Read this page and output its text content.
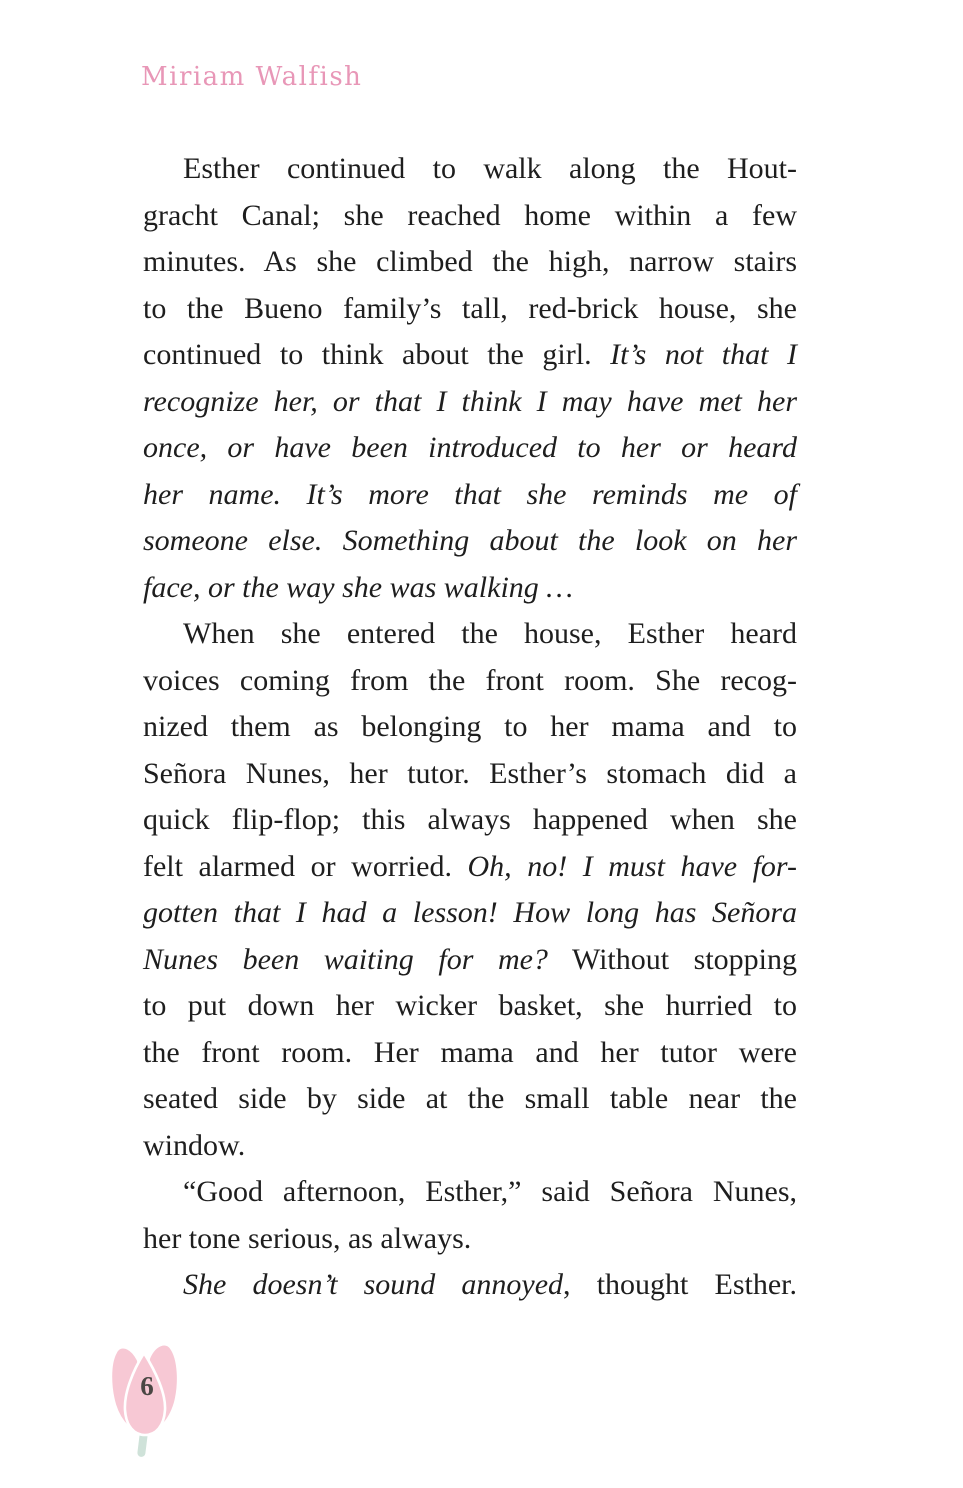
Miriam Walfish
Esther continued to walk along the Hout-
gracht Canal; she reached home within a few
minutes. As she climbed the high, narrow stairs
to the Bueno family’s tall, red-brick house, she
continued to think about the girl. It’s not that I
recognize her, or that I think I may have met her
once, or have been introduced to her or heard
her name. It’s more that she reminds me of
someone else. Something about the look on her
face, or the way she was walking …
When she entered the house, Esther heard
voices coming from the front room. She recog-
nized them as belonging to her mama and to
Señora Nunes, her tutor. Esther’s stomach did a
quick flip-flop; this always happened when she
felt alarmed or worried. Oh, no! I must have for-
gotten that I had a lesson! How long has Señora
Nunes been waiting for me? Without stopping
to put down her wicker basket, she hurried to
the front room. Her mama and her tutor were
seated side by side at the small table near the
window.
“Good afternoon, Esther,” said Señora Nunes,
her tone serious, as always.
She doesn’t sound annoyed, thought Esther.
6
